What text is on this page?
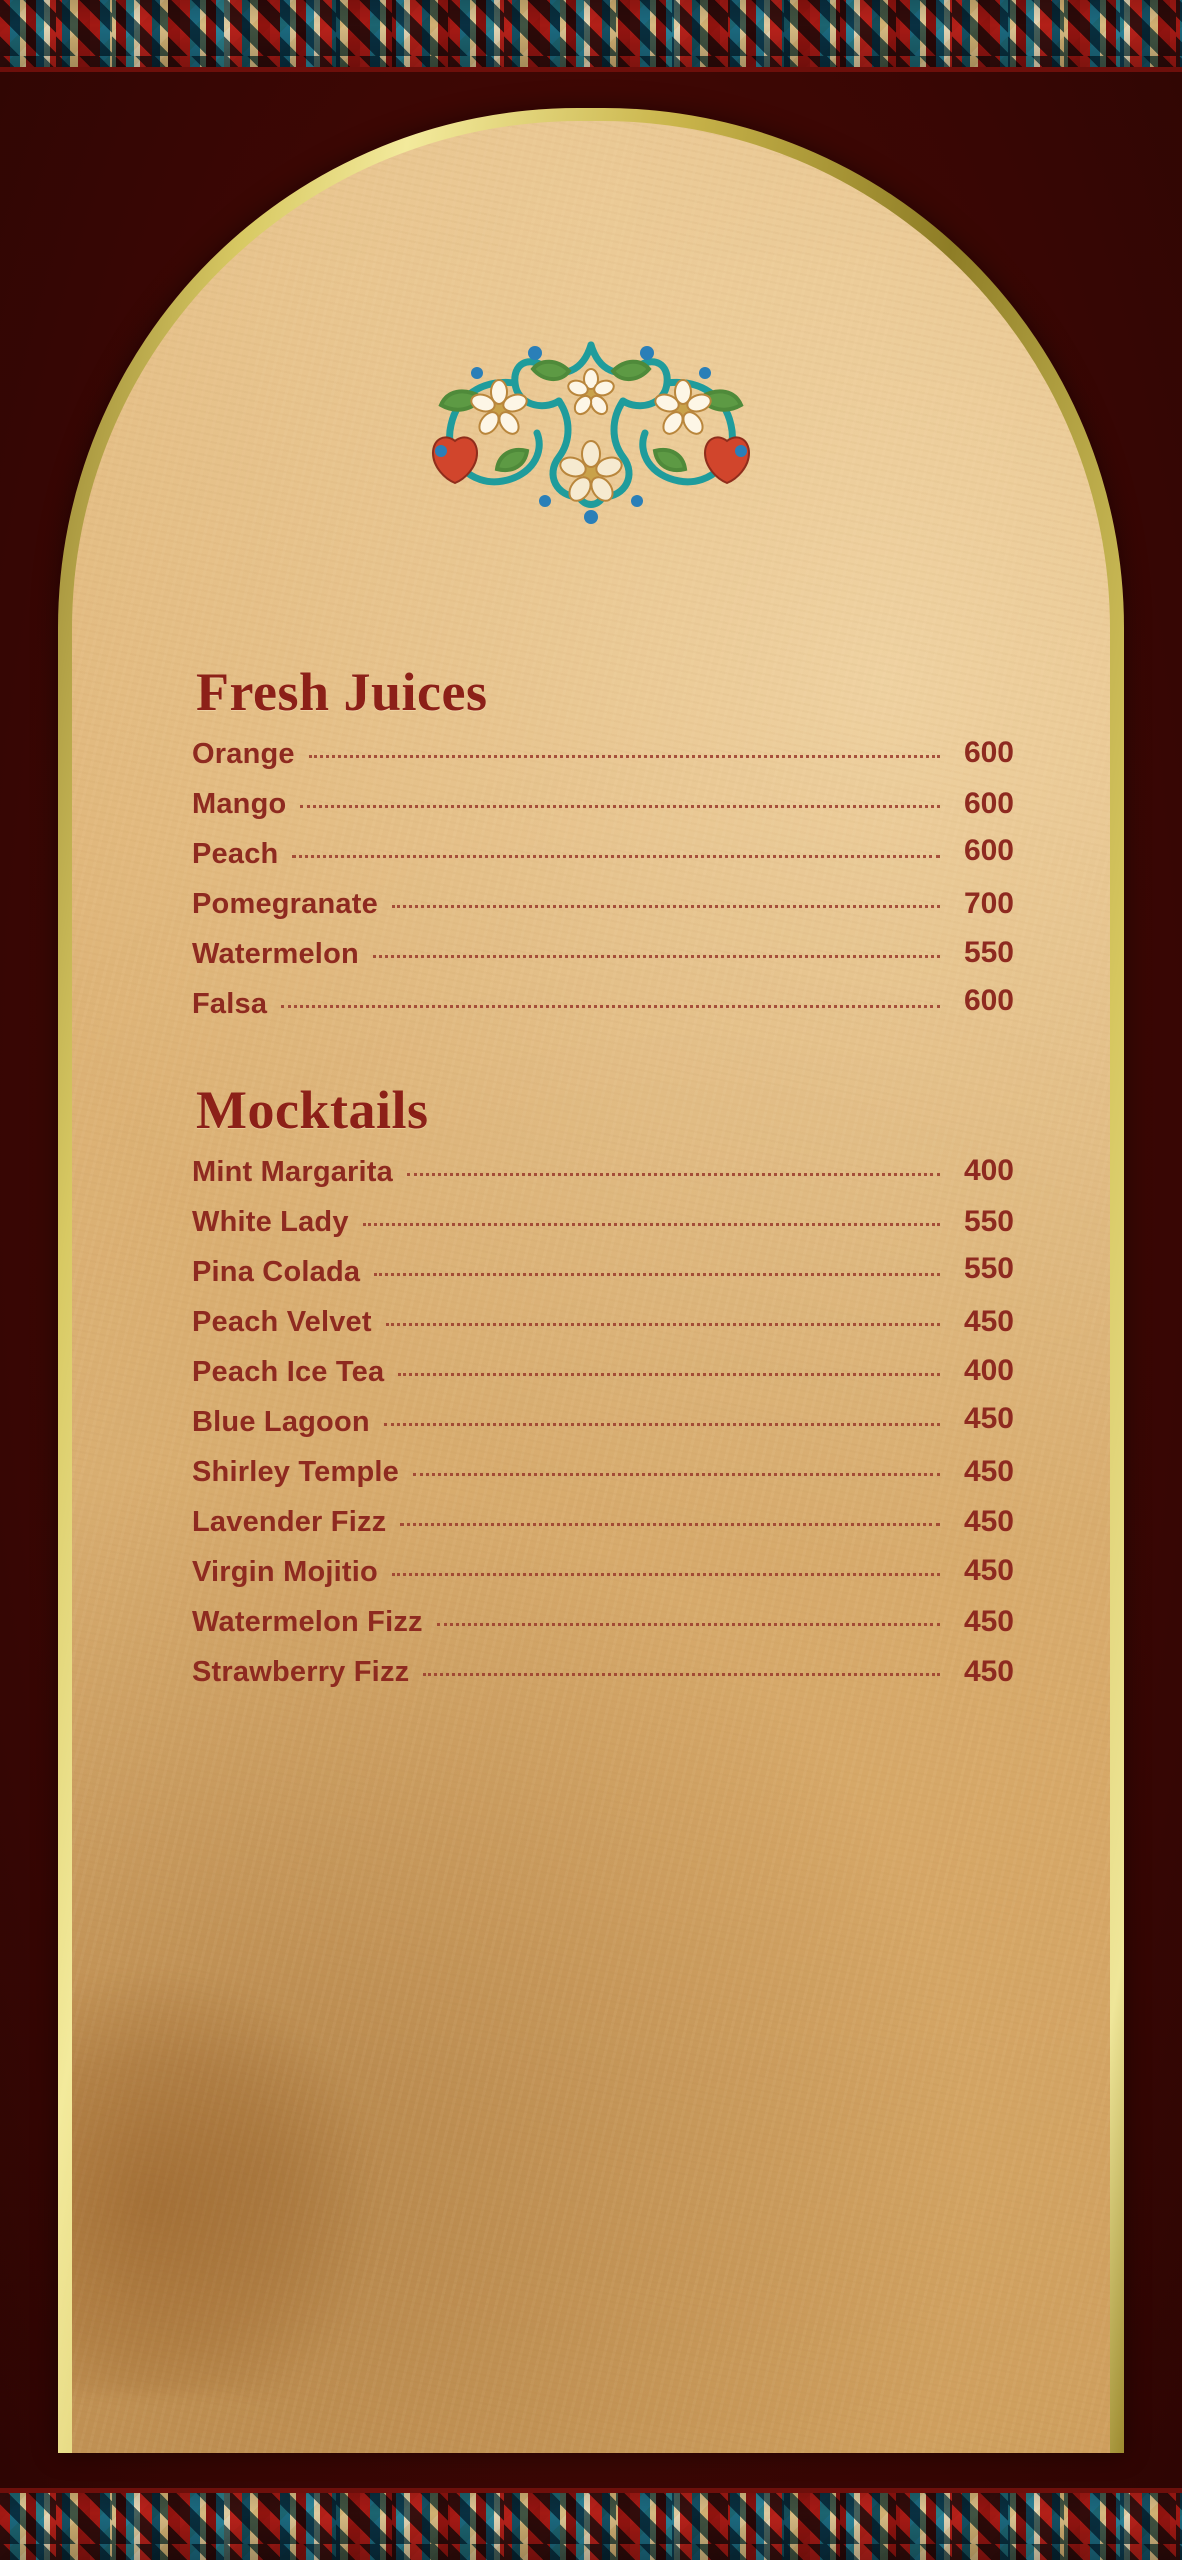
Fresh Juices
Orange	600
Mango	600
Peach	600
Pomegranate	700
Watermelon	550
Falsa	600
Mocktails
Mint Margarita	400
White Lady	550
Pina Colada	550
Peach Velvet	450
Peach Ice Tea	400
Blue Lagoon	450
Shirley Temple	450
Lavender Fizz	450
Virgin Mojitio	450
Watermelon Fizz	450
Strawberry Fizz	450
